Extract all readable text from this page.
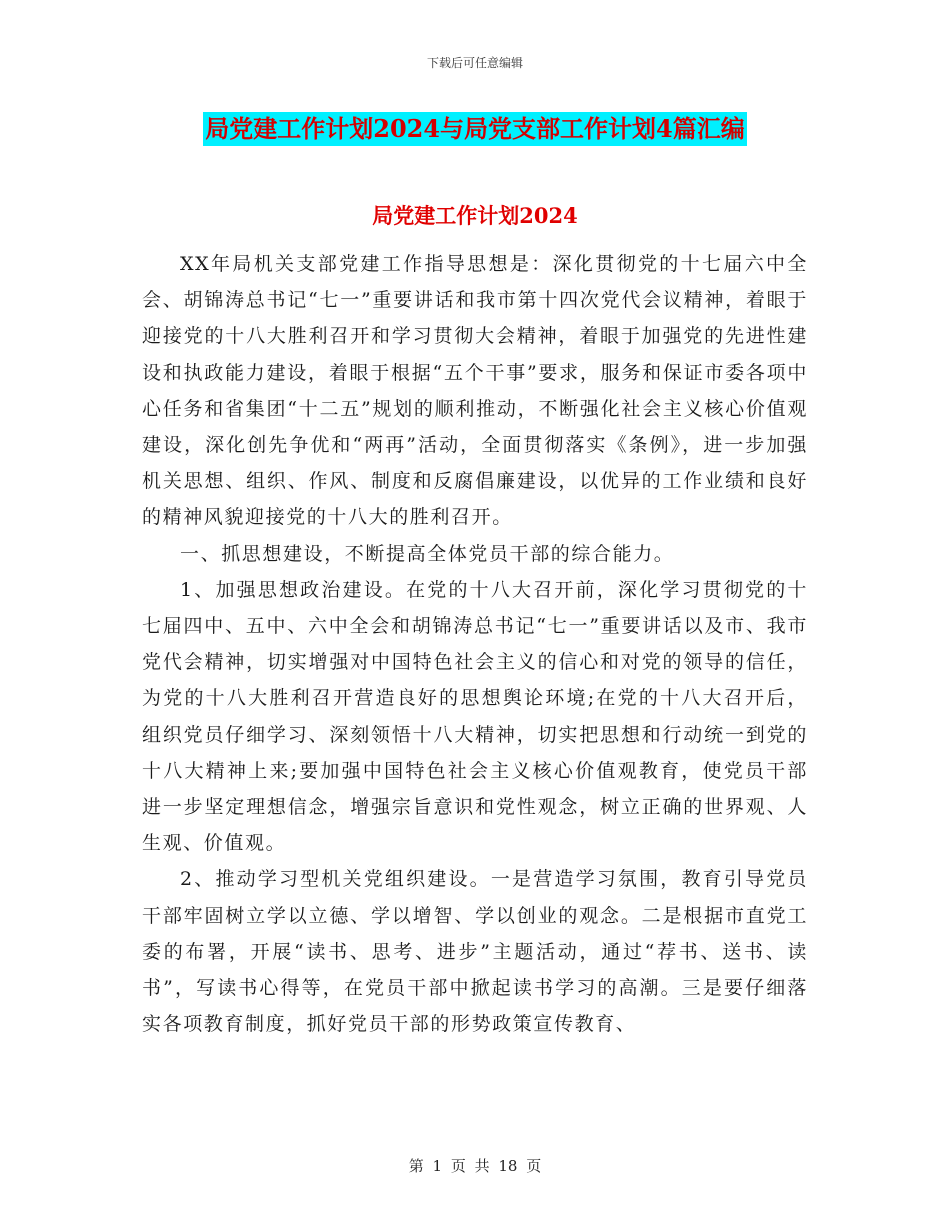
下载后可任意编辑
局党建工作计划2024与局党支部工作计划4篇汇编
局党建工作计划2024

XX年局机关支部党建工作指导思想是：深化贯彻党的十七届六中全会、胡锦涛总书记“七一”重要讲话和我市第十四次党代会议精神，着眼于迎接党的十八大胜利召开和学习贯彻大会精神，着眼于加强党的先进性建设和执政能力建设，着眼于根据“五个干事”要求，服务和保证市委各项中心任务和省集团“十二五”规划的顺利推动，不断强化社会主义核心价值观建设，深化创先争优和“两再”活动，全面贯彻落实《条例》，进一步加强机关思想、组织、作风、制度和反腐倡廉建设，以优异的工作业绩和良好的精神风貌迎接党的十八大的胜利召开。

一、抓思想建设，不断提高全体党员干部的综合能力。

1、加强思想政治建设。在党的十八大召开前，深化学习贯彻党的十七届四中、五中、六中全会和胡锦涛总书记“七一”重要讲话以及市、我市党代会精神，切实增强对中国特色社会主义的信心和对党的领导的信任，为党的十八大胜利召开营造良好的思想舆论环境;在党的十八大召开后，组织党员仔细学习、深刻领悟十八大精神，切实把思想和行动统一到党的十八大精神上来;要加强中国特色社会主义核心价值观教育，使党员干部进一步坚定理想信念，增强宗旨意识和党性观念，树立正确的世界观、人生观、价值观。

2、推动学习型机关党组织建设。一是营造学习氛围，教育引导党员干部牢固树立学以立德、学以增智、学以创业的观念。二是根据市直党工委的布署，开展“读书、思考、进步”主题活动，通过“荐书、送书、读书”，写读书心得等，在党员干部中掀起读书学习的高潮。三是要仔细落实各项教育制度，抓好党员干部的形势政策宣传教育、

第 1 页 共 18 页
